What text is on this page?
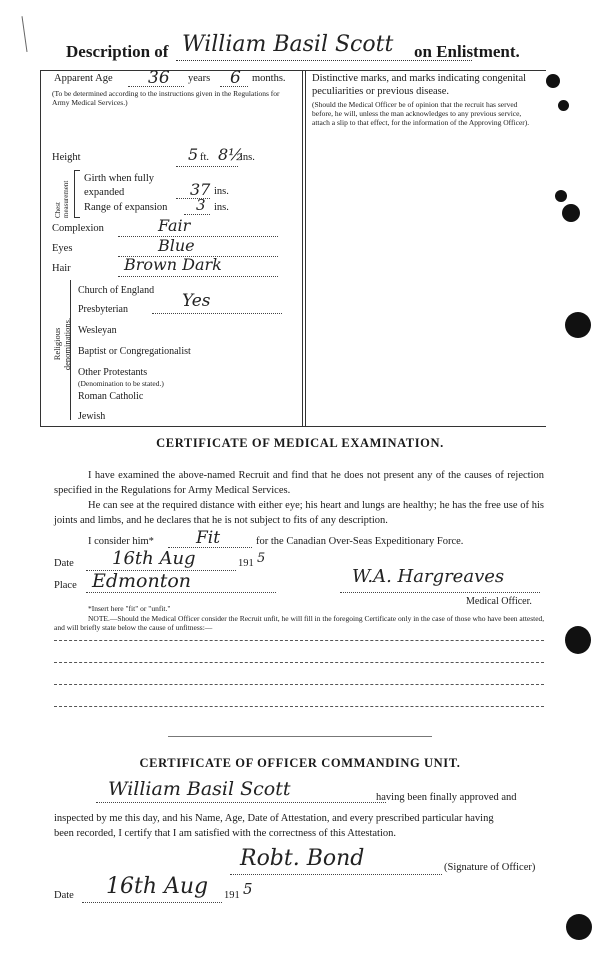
Description of William Basil Scott on Enlistment.
Apparent Age 36 years 6 months.
(To be determined according to the instructions given in the Regulations for Army Medical Services.)
Height	5 ft. 8½
ins.
Chest measurement
Girth when fully expanded	37 ins.
Range of expansion 3 ins.
Complexion	Fair
Eyes	Blue
Hair	Brown Dark
Religious denominations.
Church of England
Presbyterian	Yes
Wesleyan
Baptist or Congregationalist
Other Protestants
(Denomination to be stated.)
Roman Catholic
Jewish
Distinctive marks, and marks indicating congenital peculiarities or previous disease.
(Should the Medical Officer be of opinion that the recruit has served before, he will, unless the man acknowledges to any previous service, attach a slip to that effect, for the information of the Approving Officer).
CERTIFICATE OF MEDICAL EXAMINATION.
I have examined the above-named Recruit and find that he does not present any of the causes of rejection specified in the Regulations for Army Medical Services.
He can see at the required distance with either eye; his heart and lungs are healthy; he has the free use of his joints and limbs, and he declares that he is not subject to fits of any description.
I consider him* Fit	for the Canadian Over-Seas Expeditionary Force.
Date 16th Aug	191 5
Place Edmonton	W.A. Hargreaves
Medical Officer.
*Insert here "fit" or "unfit."
NOTE.—Should the Medical Officer consider the Recruit unfit, he will fill in the foregoing Certificate only in the case of those who have been attested, and will briefly state below the cause of unfitness:—
CERTIFICATE OF OFFICER COMMANDING UNIT.
William Basil Scott	having been finally approved and
inspected by me this day, and his Name, Age, Date of Attestation, and every prescribed particular having
been recorded, I certify that I am satisfied with the correctness of this Attestation.
Robt. Bond	(Signature of Officer)
Date 16th Aug 191 5
